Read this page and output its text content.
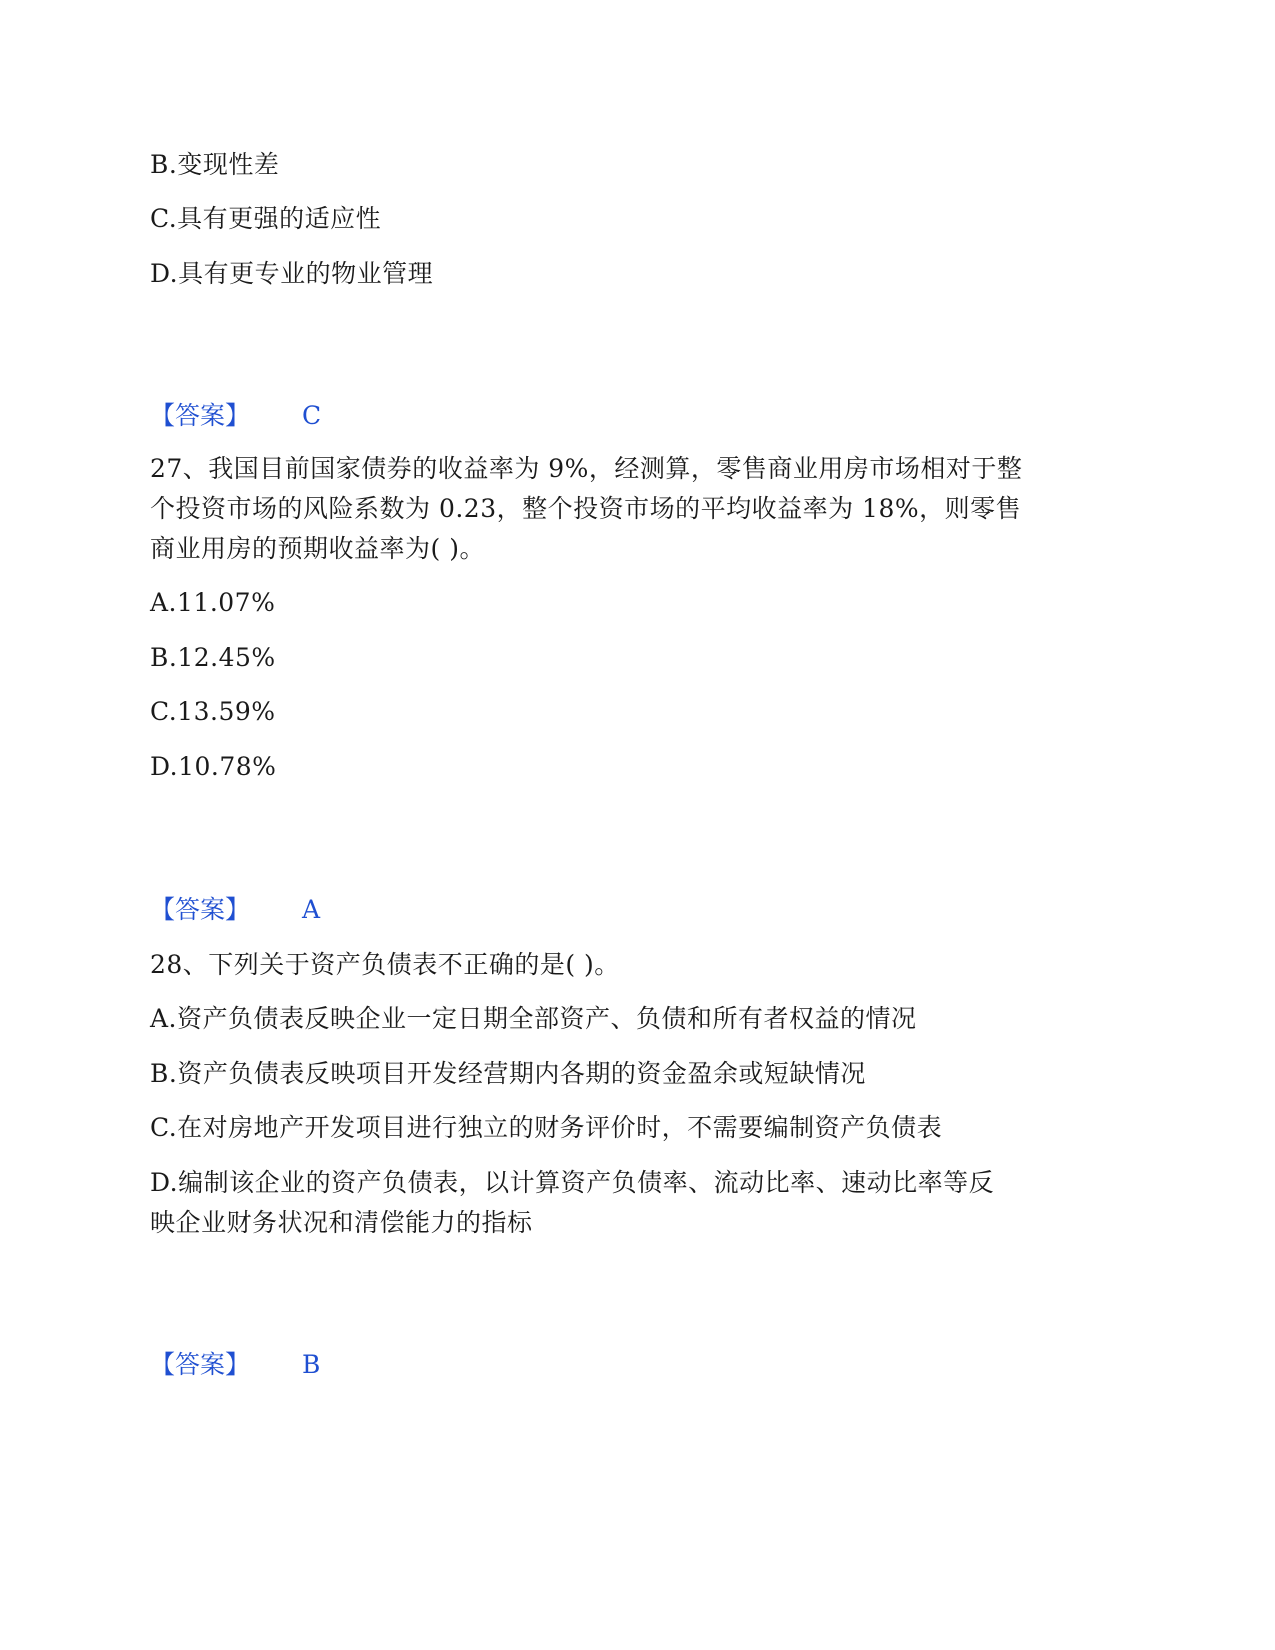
B.变现性差
C.具有更强的适应性
D.具有更专业的物业管理
【答案】 C
27、我国目前国家债券的收益率为 9%，经测算，零售商业用房市场相对于整
个投资市场的风险系数为 0.23，整个投资市场的平均收益率为 18%，则零售
商业用房的预期收益率为( )。
A.11.07%
B.12.45%
C.13.59%
D.10.78%
【答案】 A
28、下列关于资产负债表不正确的是( )。
A.资产负债表反映企业一定日期全部资产、负债和所有者权益的情况
B.资产负债表反映项目开发经营期内各期的资金盈余或短缺情况
C.在对房地产开发项目进行独立的财务评价时，不需要编制资产负债表
D.编制该企业的资产负债表，以计算资产负债率、流动比率、速动比率等反
映企业财务状况和清偿能力的指标
【答案】 B
